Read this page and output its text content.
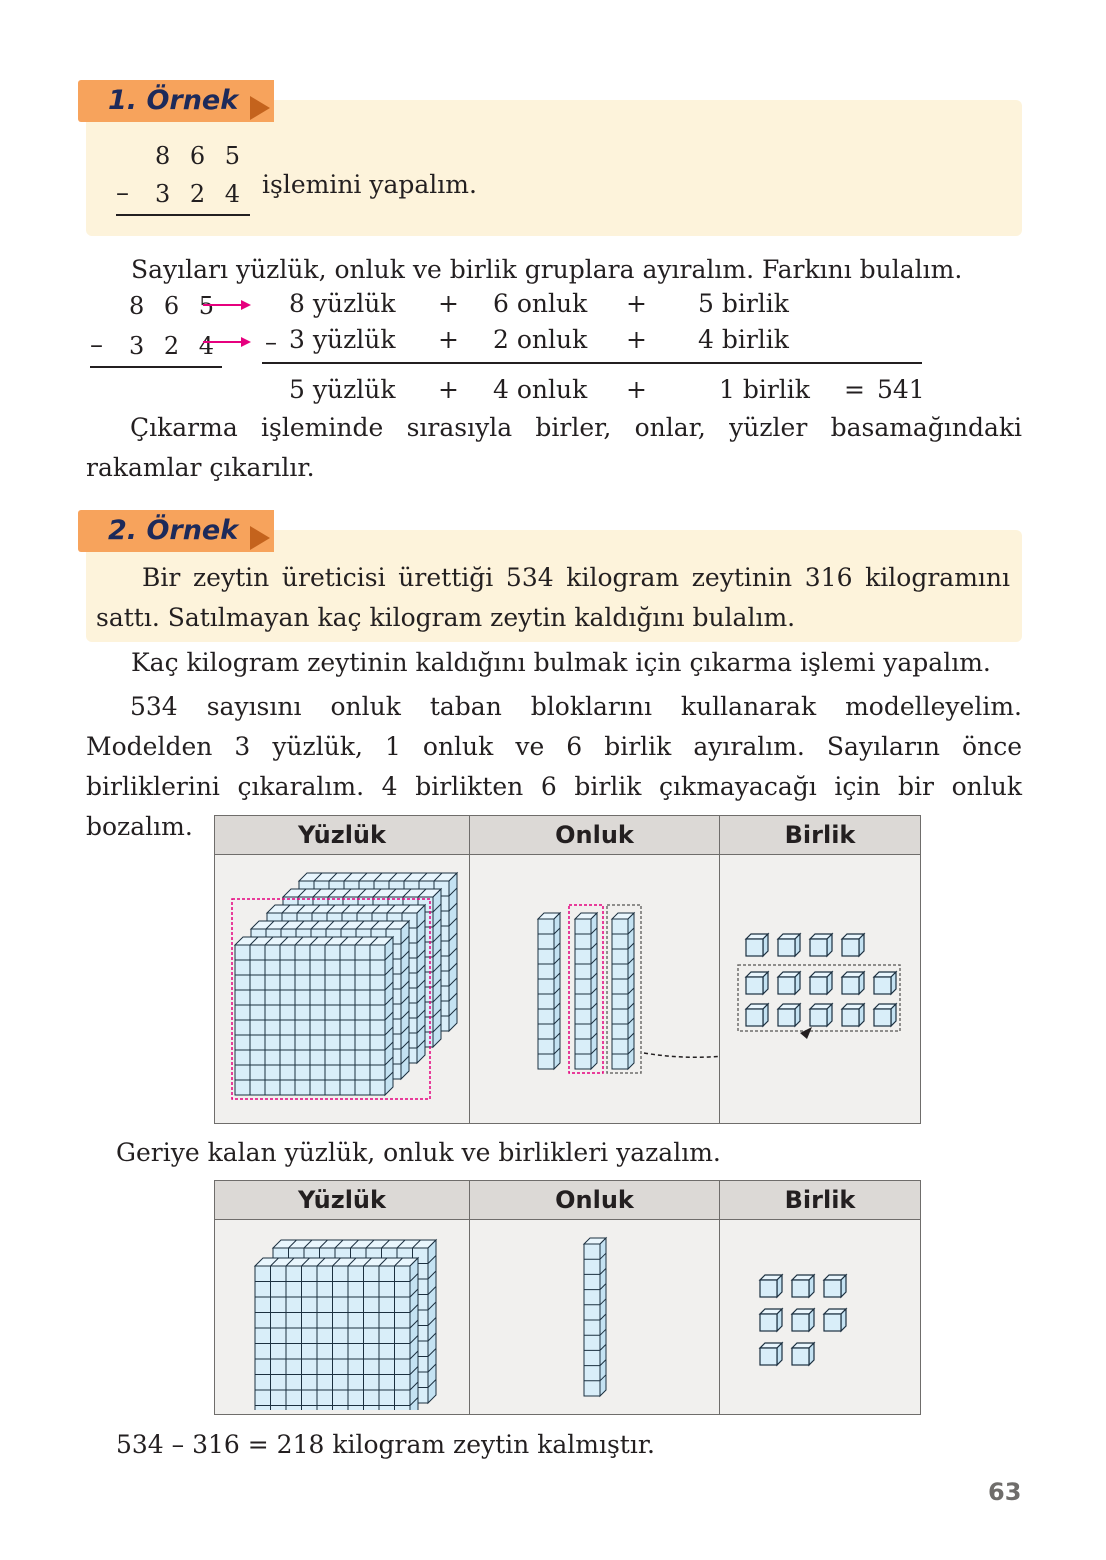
1. Örnek
8 6 5
– 3 2 4 işlemini yapalım.
Sayıları yüzlük, onluk ve birlik gruplara ayıralım. Farkını bulalım.
8 6 5	8 yüzlük + 6 onluk + 5 birlik
– 3 2 4 – 3 yüzlük + 2 onluk + 4 birlik
5 yüzlük + 4 onluk +	1 birlik = 541
Çıkarma işleminde sırasıyla birler, onlar, yüzler basamağındaki rakamlar çıkarılır.
2. Örnek
Bir zeytin üreticisi ürettiği 534 kilogram zeytinin 316 kilogramını sattı. Satılmayan kaç kilogram zeytin kaldığını bulalım.
Kaç kilogram zeytinin kaldığını bulmak için çıkarma işlemi yapalım.
534 sayısını onluk taban bloklarını kullanarak modelleyelim. Modelden 3 yüzlük, 1 onluk ve 6 birlik ayıralım. Sayıların önce birliklerini çıkaralım. 4 birlikten 6 birlik çıkmayacağı için bir onluk bozalım.	Yüzlük	Onluk	Birlik

Geriye kalan yüzlük, onluk ve birlikleri yazalım.
Yüzlük	Onluk	Birlik

534 – 316 = 218 kilogram zeytin kalmıştır.
63
